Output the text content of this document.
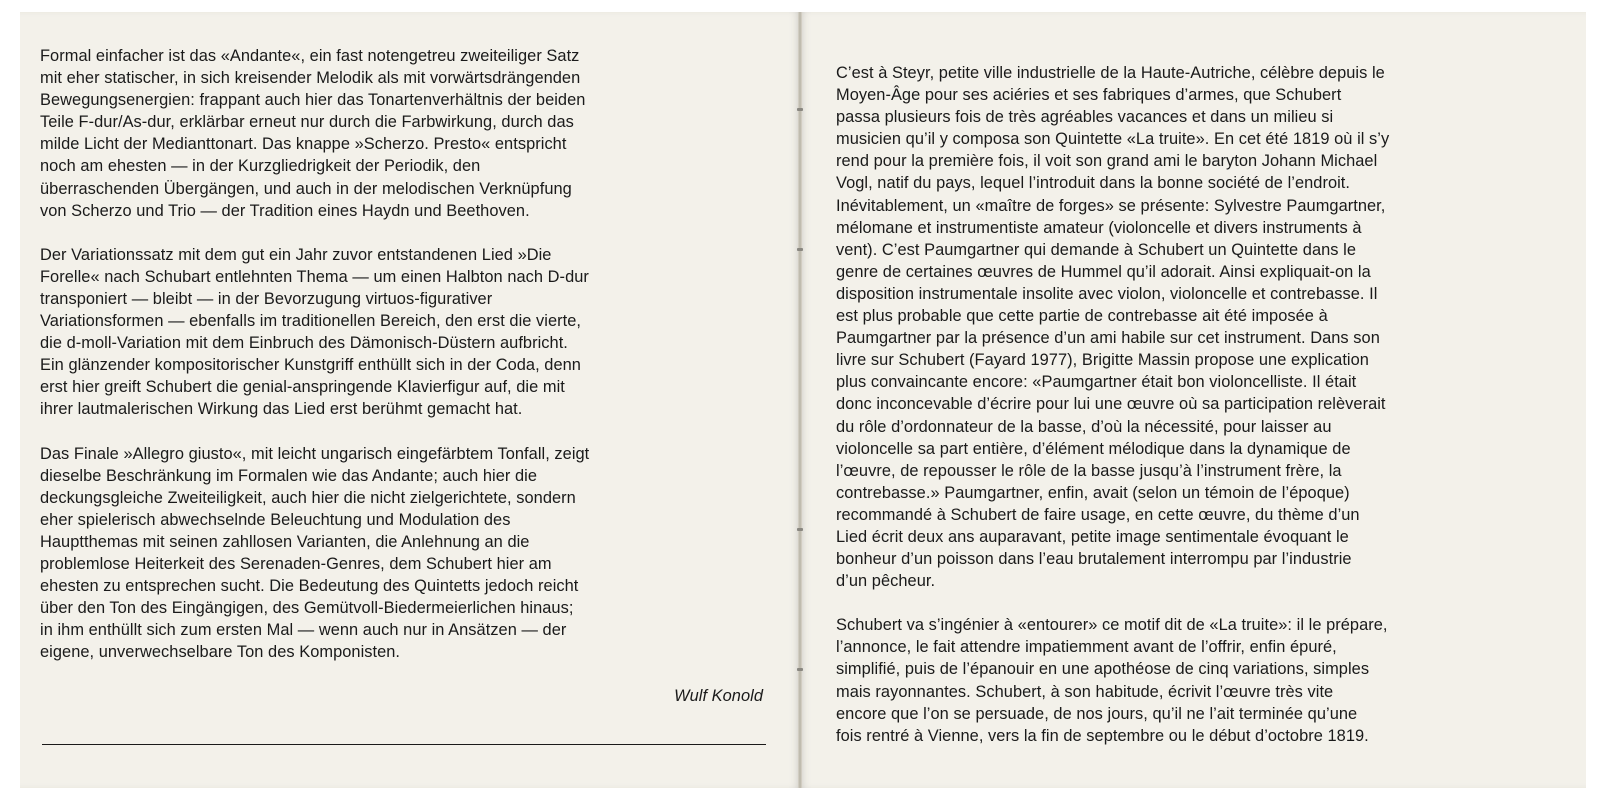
Formal einfacher ist das «Andante«, ein fast notengetreu zweiteiliger Satz
mit eher statischer, in sich kreisender Melodik als mit vorwärtsdrängenden
Bewegungsenergien: frappant auch hier das Tonartenverhältnis der beiden
Teile F-dur/As-dur, erklärbar erneut nur durch die Farbwirkung, durch das
milde Licht der Medianttonart. Das knappe »Scherzo. Presto« entspricht
noch am ehesten — in der Kurzgliedrigkeit der Periodik, den
überraschenden Übergängen, und auch in der melodischen Verknüpfung
von Scherzo und Trio — der Tradition eines Haydn und Beethoven.

Der Variationssatz mit dem gut ein Jahr zuvor entstandenen Lied »Die
Forelle« nach Schubart entlehnten Thema — um einen Halbton nach D-dur
transponiert — bleibt — in der Bevorzugung virtuos-figurativer
Variationsformen — ebenfalls im traditionellen Bereich, den erst die vierte,
die d-moll-Variation mit dem Einbruch des Dämonisch-Düstern aufbricht.
Ein glänzender kompositorischer Kunstgriff enthüllt sich in der Coda, denn
erst hier greift Schubert die genial-anspringende Klavierfigur auf, die mit
ihrer lautmalerischen Wirkung das Lied erst berühmt gemacht hat.

Das Finale »Allegro giusto«, mit leicht ungarisch eingefärbtem Tonfall, zeigt
dieselbe Beschränkung im Formalen wie das Andante; auch hier die
deckungsgleiche Zweiteiligkeit, auch hier die nicht zielgerichtete, sondern
eher spielerisch abwechselnde Beleuchtung und Modulation des
Hauptthemas mit seinen zahllosen Varianten, die Anlehnung an die
problemlose Heiterkeit des Serenaden-Genres, dem Schubert hier am
ehesten zu entsprechen sucht. Die Bedeutung des Quintetts jedoch reicht
über den Ton des Eingängigen, des Gemütvoll-Biedermeierlichen hinaus;
in ihm enthüllt sich zum ersten Mal — wenn auch nur in Ansätzen — der
eigene, unverwechselbare Ton des Komponisten.

Wulf Konold

C’est à Steyr, petite ville industrielle de la Haute-Autriche, célèbre depuis le
Moyen-Âge pour ses aciéries et ses fabriques d’armes, que Schubert
passa plusieurs fois de très agréables vacances et dans un milieu si
musicien qu’il y composa son Quintette «La truite». En cet été 1819 où il s’y
rend pour la première fois, il voit son grand ami le baryton Johann Michael
Vogl, natif du pays, lequel l’introduit dans la bonne société de l’endroit.
Inévitablement, un «maître de forges» se présente: Sylvestre Paumgartner,
mélomane et instrumentiste amateur (violoncelle et divers instruments à
vent). C’est Paumgartner qui demande à Schubert un Quintette dans le
genre de certaines œuvres de Hummel qu’il adorait. Ainsi expliquait-on la
disposition instrumentale insolite avec violon, violoncelle et contrebasse. Il
est plus probable que cette partie de contrebasse ait été imposée à
Paumgartner par la présence d’un ami habile sur cet instrument. Dans son
livre sur Schubert (Fayard 1977), Brigitte Massin propose une explication
plus convaincante encore: «Paumgartner était bon violoncelliste. Il était
donc inconcevable d’écrire pour lui une œuvre où sa participation relèverait
du rôle d’ordonnateur de la basse, d’où la nécessité, pour laisser au
violoncelle sa part entière, d’élément mélodique dans la dynamique de
l’œuvre, de repousser le rôle de la basse jusqu’à l’instrument frère, la
contrebasse.» Paumgartner, enfin, avait (selon un témoin de l’époque)
recommandé à Schubert de faire usage, en cette œuvre, du thème d’un
Lied écrit deux ans auparavant, petite image sentimentale évoquant le
bonheur d’un poisson dans l’eau brutalement interrompu par l’industrie
d’un pêcheur.

Schubert va s’ingénier à «entourer» ce motif dit de «La truite»: il le prépare,
l’annonce, le fait attendre impatiemment avant de l’offrir, enfin épuré,
simplifié, puis de l’épanouir en une apothéose de cinq variations, simples
mais rayonnantes. Schubert, à son habitude, écrivit l’œuvre très vite
encore que l’on se persuade, de nos jours, qu’il ne l’ait terminée qu’une
fois rentré à Vienne, vers la fin de septembre ou le début d’octobre 1819.
